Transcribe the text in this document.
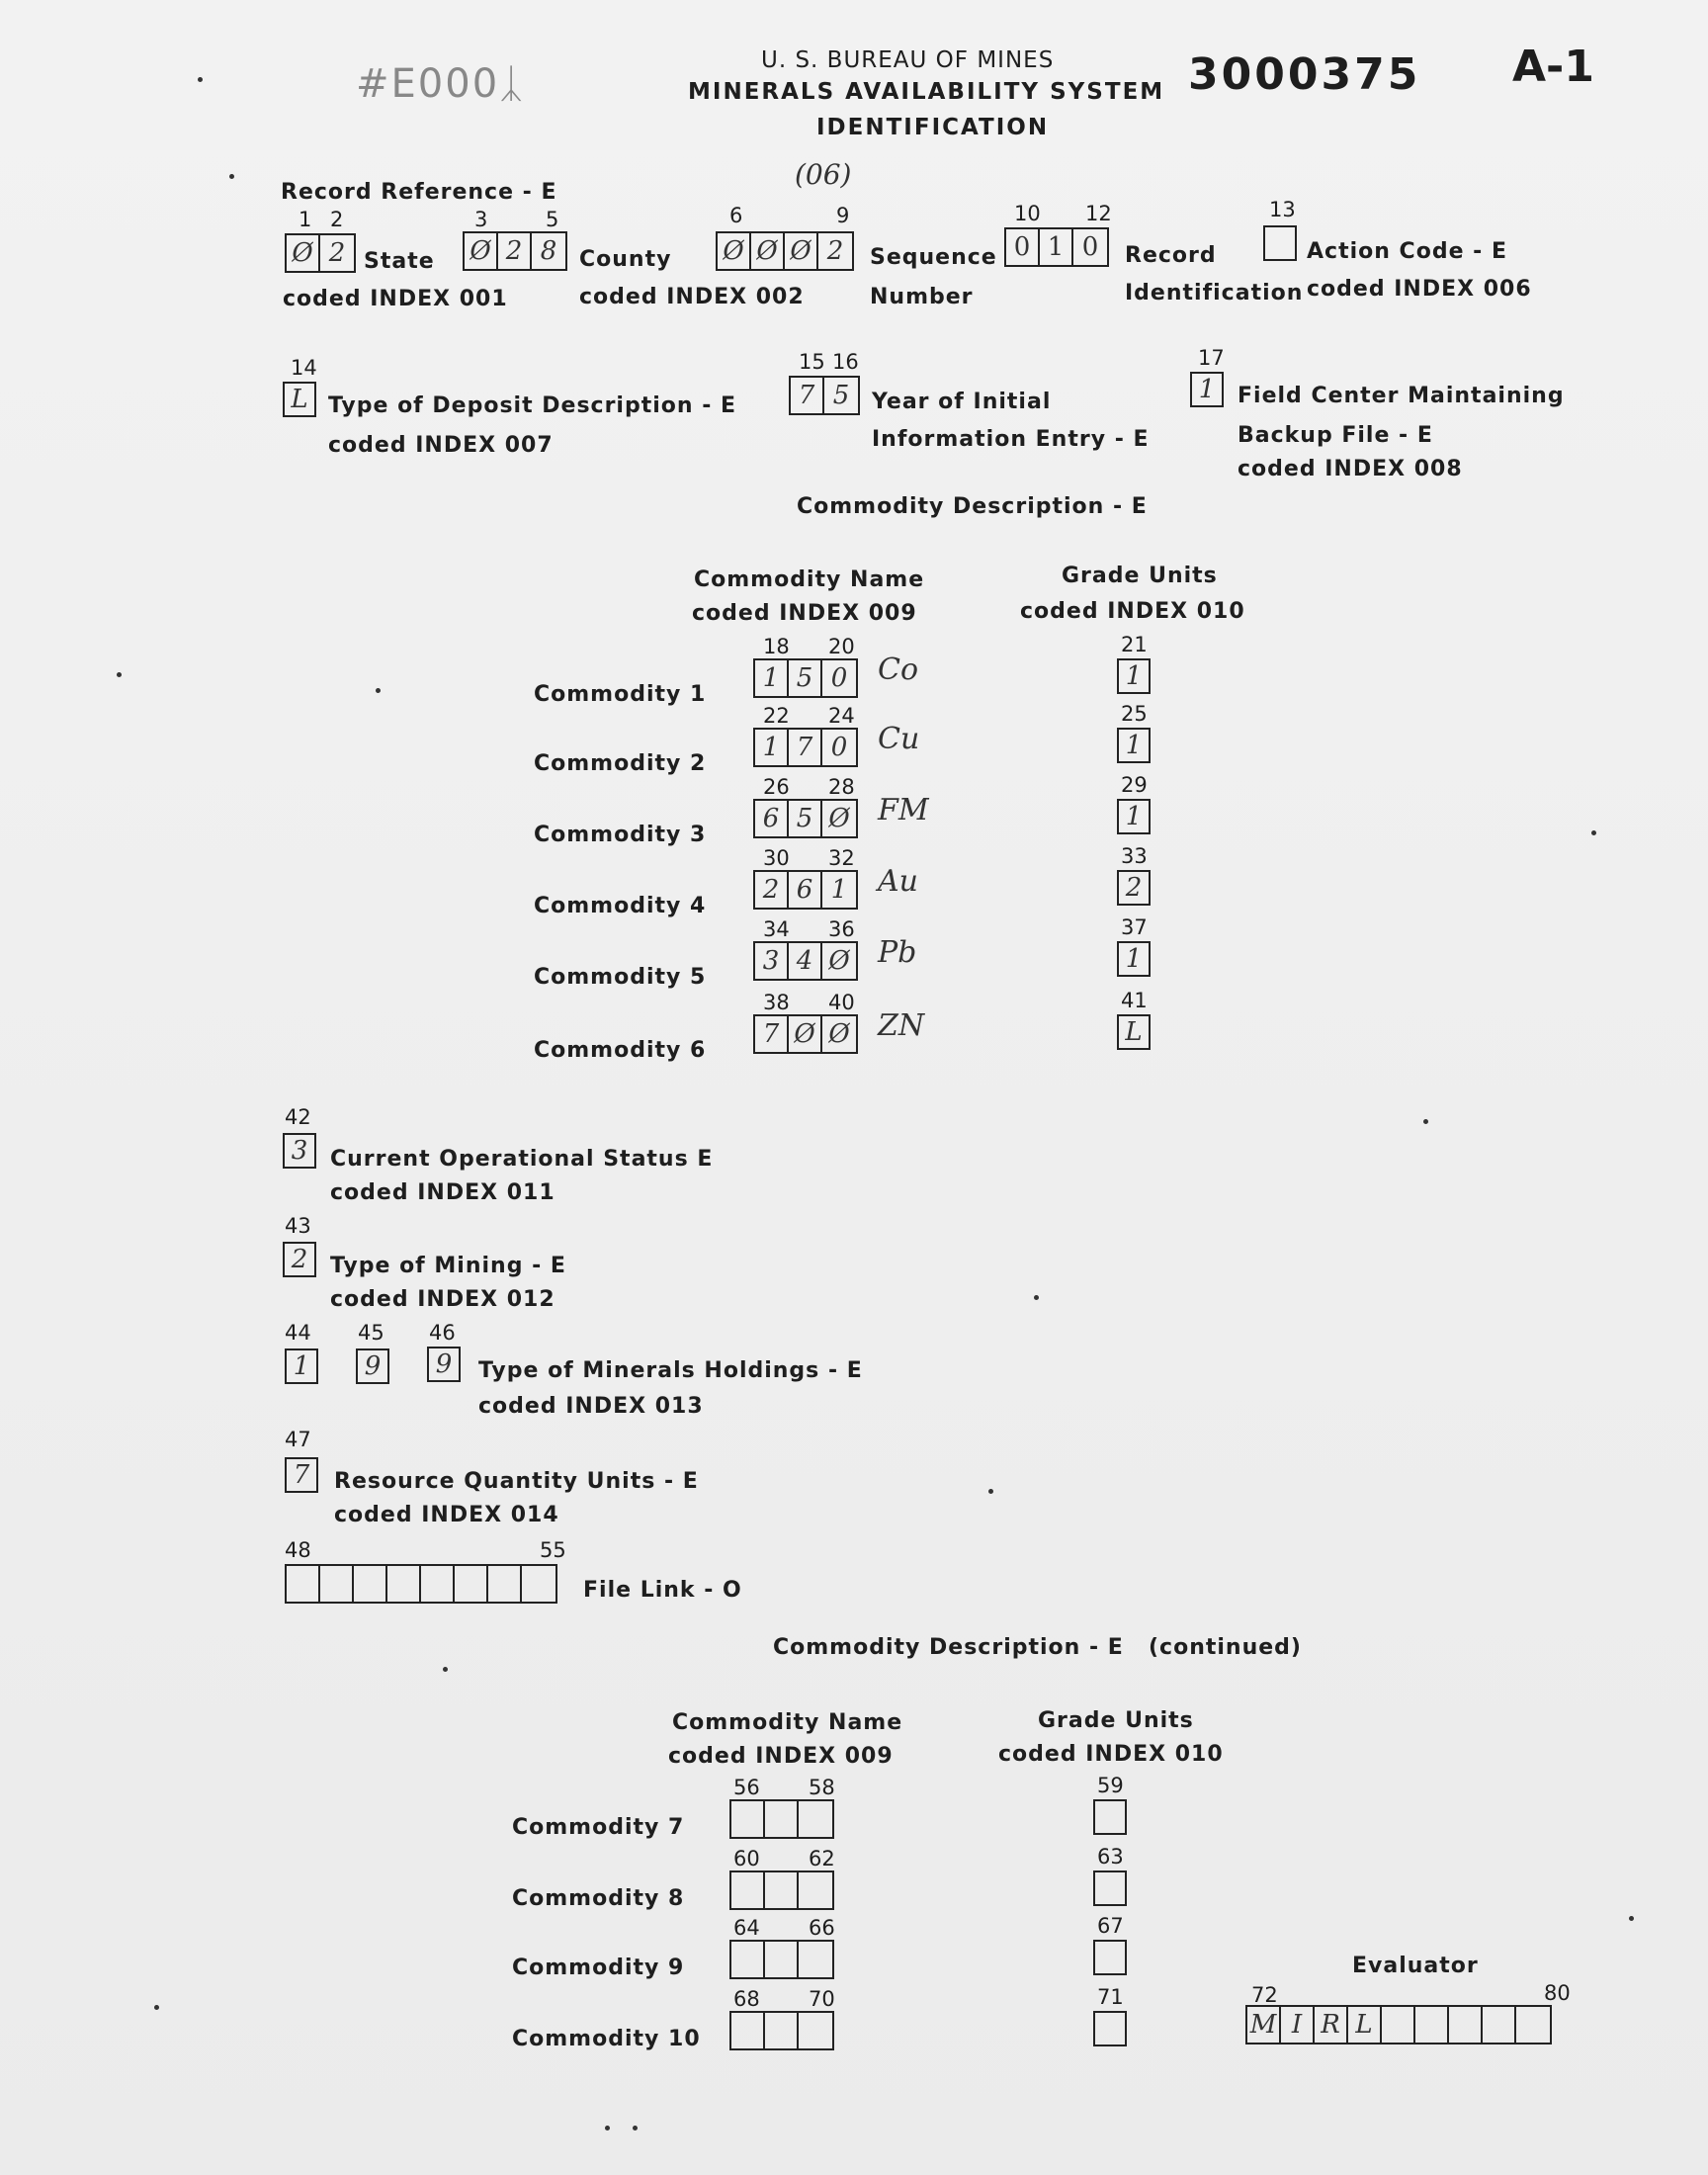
#E000ᛣ
U. S. BUREAU OF MINES
MINERALS AVAILABILITY SYSTEM
IDENTIFICATION
3000375 A-1
Record Reference - E
(06)
1 2
Ø 2 State
coded INDEX 001
3	5
Ø 2 8	County
coded INDEX 002
6	9
Ø Ø Ø 2	Sequence
Number
10 12
0 1 0	Record
Identification
13
Action Code - E
coded INDEX 006
14
L Type of Deposit Description - E
coded INDEX 007
15 16
7 5	Year of Initial
Information Entry - E
17
1	Field Center Maintaining
Backup File - E
coded INDEX 008
Commodity Description - E
Commodity Name
coded INDEX 009
Grade Units
coded INDEX 010
Commodity 1
18 20
1 5 0 Co
21
1
Commodity 2
22 24
1 7 0 Cu
25
1
Commodity 3
26 28
6 5 Ø FM
29
1
Commodity 4
30 32
2 6 1 Au
33
2
Commodity 5
34 36
3 4 Ø Pb
37
1
Commodity 6
38 40
7 Ø Ø ZN
41
L
42
3	Current Operational Status E
coded INDEX 011
43
2	Type of Mining - E
coded INDEX 012
44 45 46
1	9	9	Type of Minerals Holdings - E
coded INDEX 013
47
7	Resource Quantity Units - E
coded INDEX 014
48	55
File Link - O
Commodity Description - E (continued)
Commodity Name
coded INDEX 009
Grade Units
coded INDEX 010
Commodity 7
56 58	59
Commodity 8
60 62	63
Commodity 9
64 66	67
Commodity 10
68 70	71
Evaluator
72	80
M I R L
